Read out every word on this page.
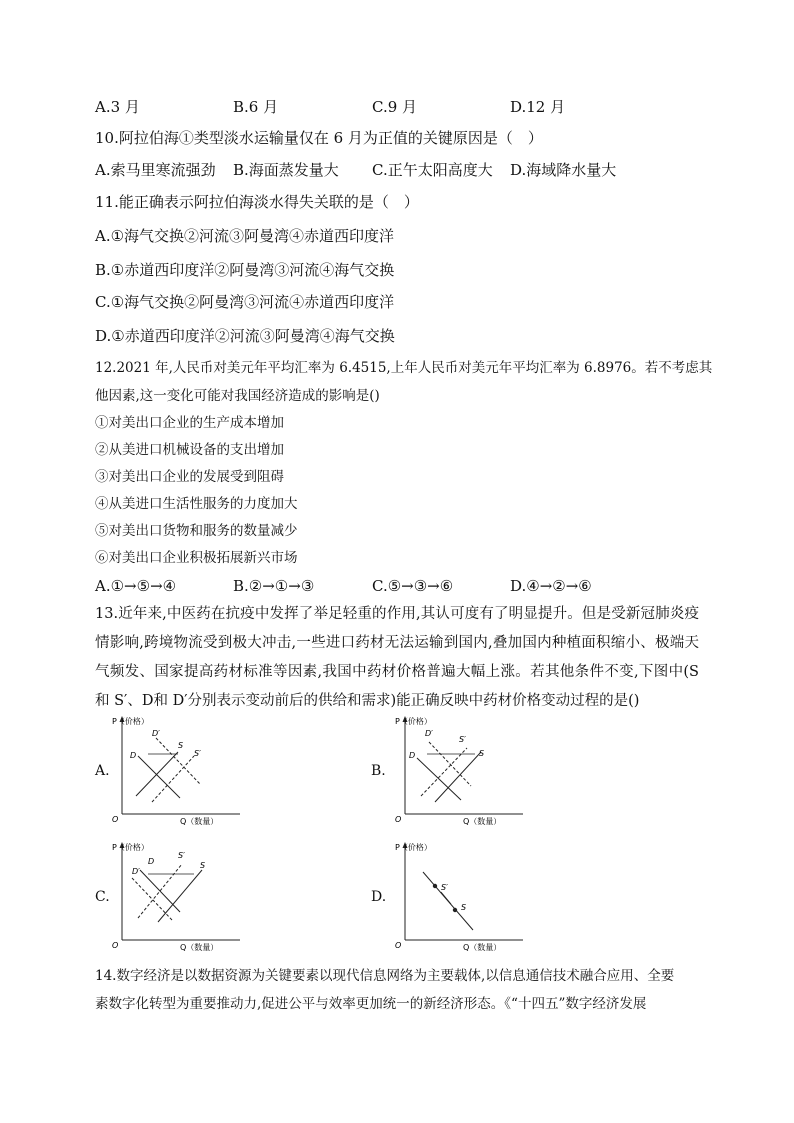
A.3 月	B.6 月	C.9 月	D.12 月
10.阿拉伯海①类型淡水运输量仅在 6 月为正值的关键原因是（　）
A.索马里寒流强劲 B.海面蒸发量大 C.正午太阳高度大 D.海域降水量大
11.能正确表示阿拉伯海淡水得失关联的是（　）
A.①海气交换②河流③阿曼湾④赤道西印度洋
B.①赤道西印度洋②阿曼湾③河流④海气交换
C.①海气交换②阿曼湾③河流④赤道西印度洋
D.①赤道西印度洋②河流③阿曼湾④海气交换
12.2021 年,人民币对美元年平均汇率为 6.4515,上年人民币对美元年平均汇率为 6.8976。若不考虑其
他因素,这一变化可能对我国经济造成的影响是()
①对美出口企业的生产成本增加
②从美进口机械设备的支出增加
③对美出口企业的发展受到阻碍
④从美进口生活性服务的力度加大
⑤对美出口货物和服务的数量减少
⑥对美出口企业积极拓展新兴市场
A.①→⑤→④	B.②→①→③	C.⑤→③→⑥	D.④→②→⑥
13.近年来,中医药在抗疫中发挥了举足轻重的作用,其认可度有了明显提升。但是受新冠肺炎疫情影响,跨境物流受到极大冲击,一些进口药材无法运输到国内,叠加国内种植面积缩小、极端天气频发、国家提高药材标准等因素,我国中药材价格普遍大幅上涨。若其他条件不变,下图中(S和 S′、D和 D′分别表示变动前后的供给和需求)能正确反映中药材价格变动过程的是()
A.
P（价格）
Q（数量）
O
D′
S
D	S′
B.
P（价格）
Q（数量）
O
D′
S′
D	S
C.
P（价格）
Q（数量）
O
S′
D	S
D′
D.
P（价格）
Q（数量）
O
S′
S
14.数字经济是以数据资源为关键要素以现代信息网络为主要载体,以信息通信技术融合应用、全要
素数字化转型为重要推动力,促进公平与效率更加统一的新经济形态。《“十四五”数字经济发展
